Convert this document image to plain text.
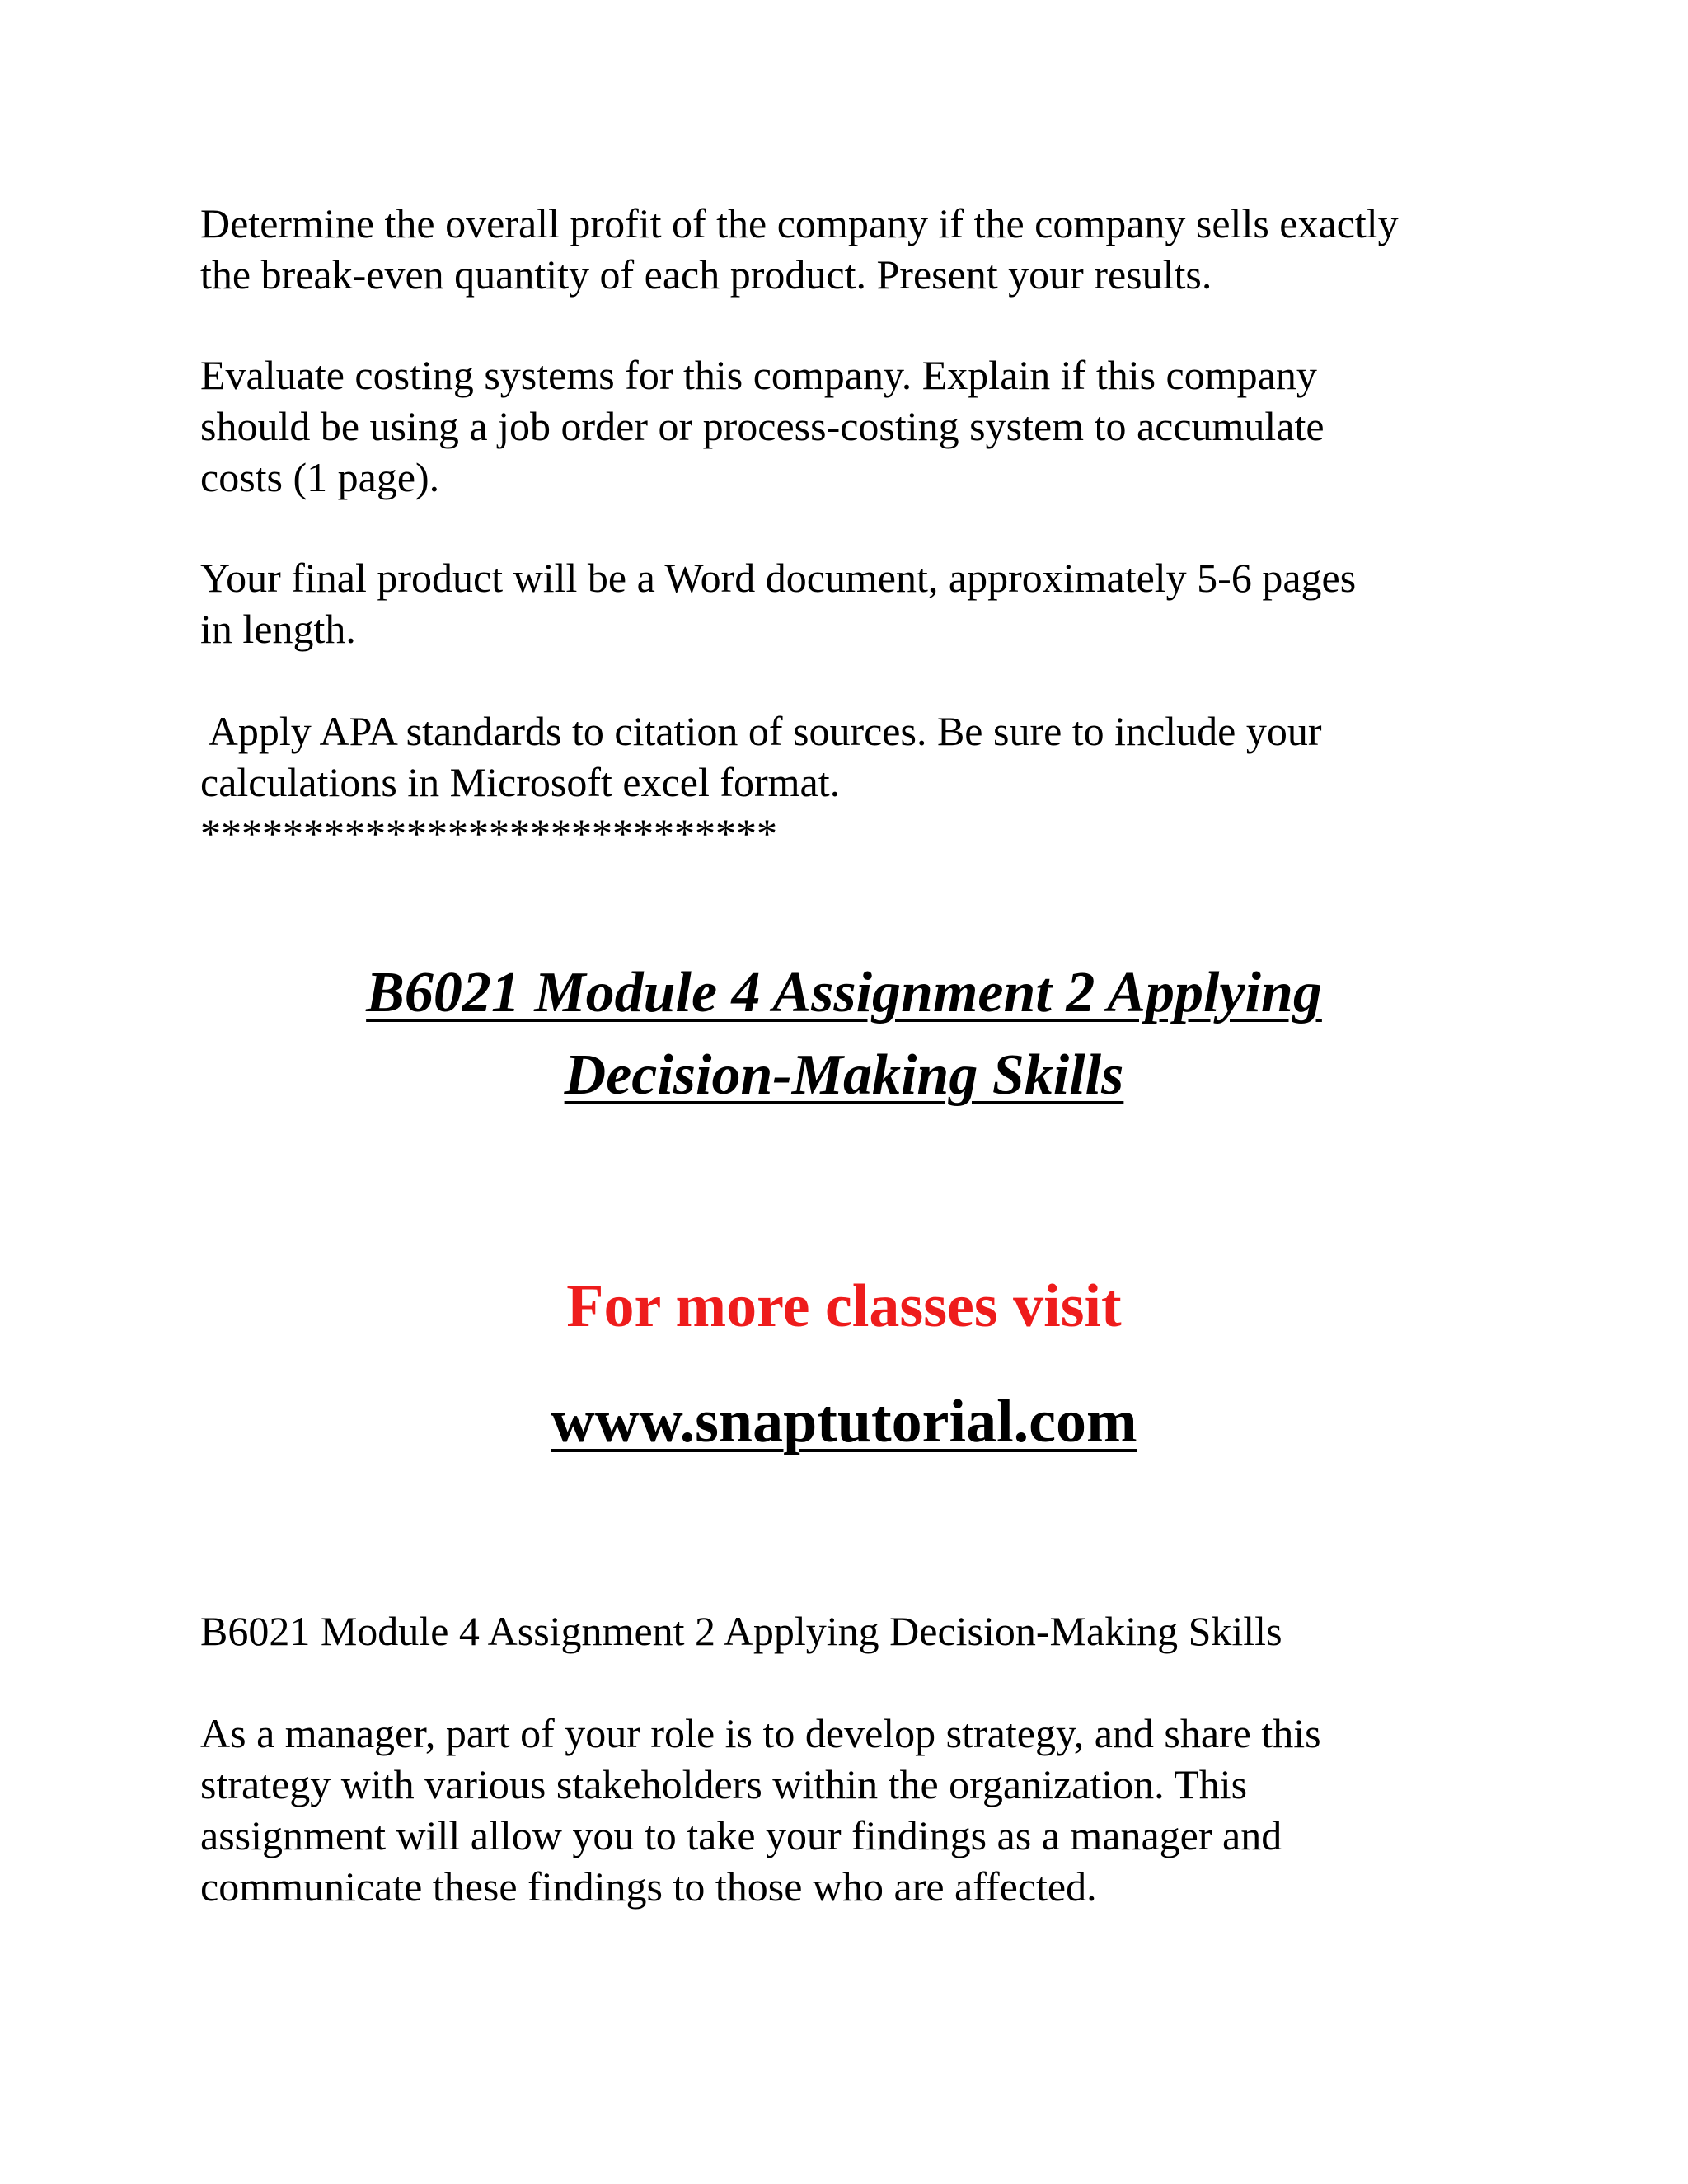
Determine the overall profit of the company if the company sells exactly
the break-even quantity of each product. Present your results.

Evaluate costing systems for this company. Explain if this company
should be using a job order or process-costing system to accumulate
costs (1 page).

Your final product will be a Word document, approximately 5-6 pages
in length.

Apply APA standards to citation of sources. Be sure to include your
calculations in Microsoft excel format.
****************************

B6021 Module 4 Assignment 2 Applying
Decision-Making Skills
For more classes visit
www.snaptutorial.com

B6021 Module 4 Assignment 2 Applying Decision-Making Skills

As a manager, part of your role is to develop strategy, and share this
strategy with various stakeholders within the organization. This
assignment will allow you to take your findings as a manager and
communicate these findings to those who are affected.
